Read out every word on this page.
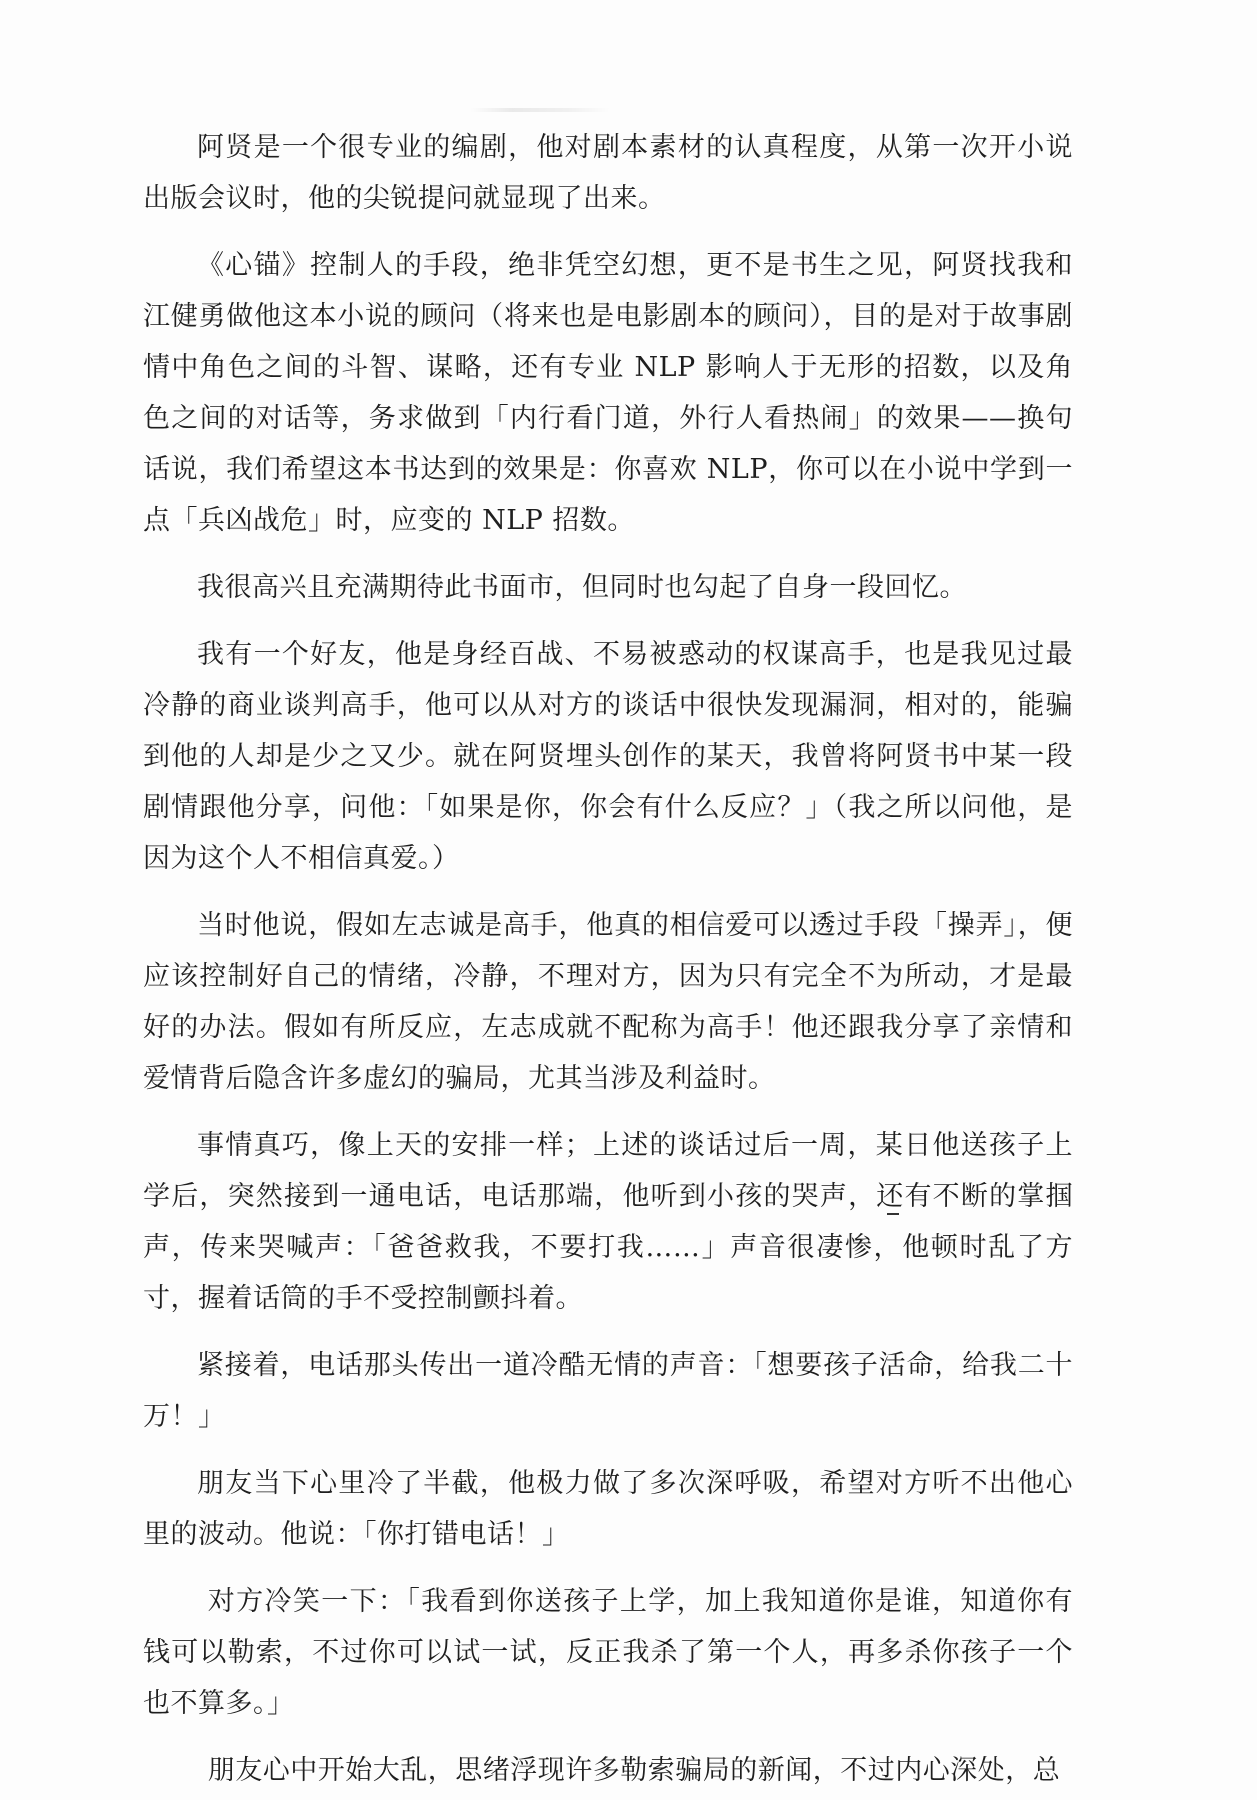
阿贤是一个很专业的编剧，他对剧本素材的认真程度，从第一次开小说出版会议时，他的尖锐提问就显现了出来。

《心锚》控制人的手段，绝非凭空幻想，更不是书生之见，阿贤找我和江健勇做他这本小说的顾问（将来也是电影剧本的顾问），目的是对于故事剧情中角色之间的斗智、谋略，还有专业 NLP 影响人于无形的招数，以及角色之间的对话等，务求做到「内行看门道，外行人看热闹」的效果——换句话说，我们希望这本书达到的效果是：你喜欢 NLP，你可以在小说中学到一点「兵凶战危」时，应变的 NLP 招数。

我很高兴且充满期待此书面市，但同时也勾起了自身一段回忆。

我有一个好友，他是身经百战、不易被惑动的权谋高手，也是我见过最冷静的商业谈判高手，他可以从对方的谈话中很快发现漏洞，相对的，能骗到他的人却是少之又少。就在阿贤埋头创作的某天，我曾将阿贤书中某一段剧情跟他分享，问他：「如果是你，你会有什么反应？」（我之所以问他，是因为这个人不相信真爱。）

当时他说，假如左志诚是高手，他真的相信爱可以透过手段「操弄」，便应该控制好自己的情绪，冷静，不理对方，因为只有完全不为所动，才是最好的办法。假如有所反应，左志成就不配称为高手！他还跟我分享了亲情和爱情背后隐含许多虚幻的骗局，尤其当涉及利益时。

事情真巧，像上天的安排一样；上述的谈话过后一周，某日他送孩子上学后，突然接到一通电话，电话那端，他听到小孩的哭声，还有不断的掌掴声，传来哭喊声：「爸爸救我，不要打我……」声音很凄惨，他顿时乱了方寸，握着话筒的手不受控制颤抖着。

紧接着，电话那头传出一道冷酷无情的声音：「想要孩子活命，给我二十万！」

朋友当下心里冷了半截，他极力做了多次深呼吸，希望对方听不出他心里的波动。他说：「你打错电话！」

对方冷笑一下：「我看到你送孩子上学，加上我知道你是谁，知道你有钱可以勒索，不过你可以试一试，反正我杀了第一个人，再多杀你孩子一个也不算多。」

朋友心中开始大乱，思绪浮现许多勒索骗局的新闻，不过内心深处，总
